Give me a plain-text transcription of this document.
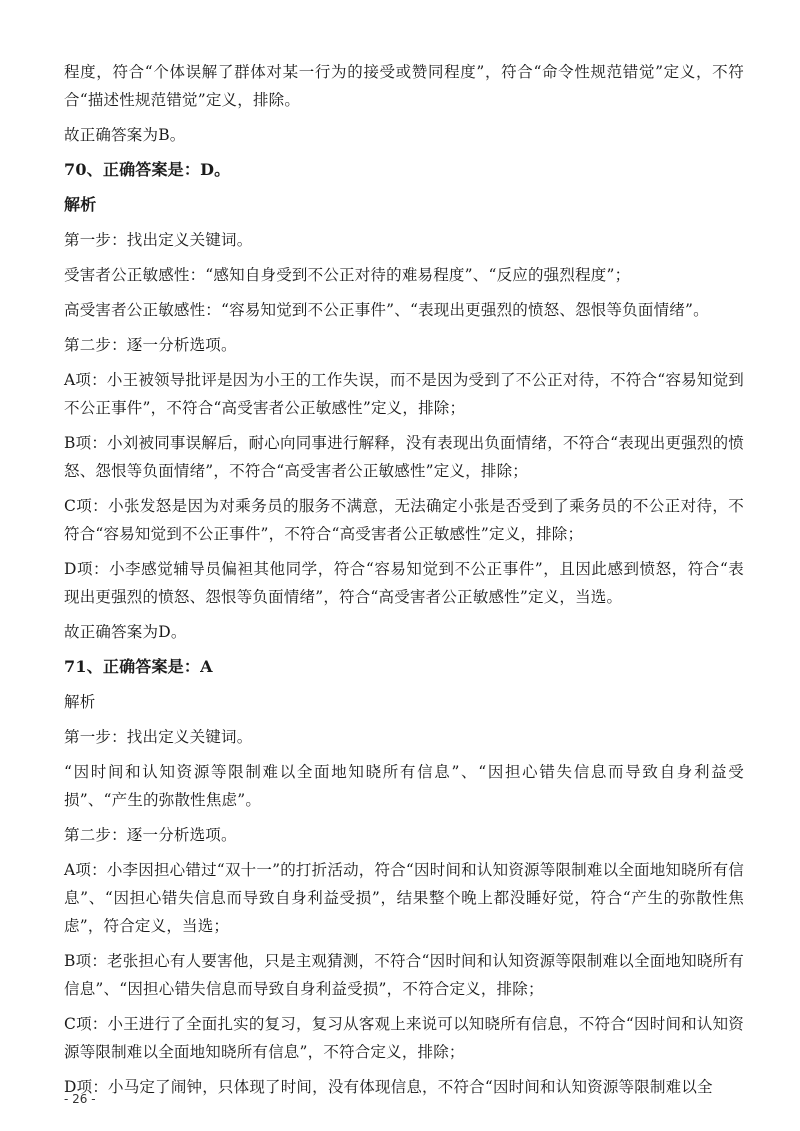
程度，符合“个体误解了群体对某一行为的接受或赞同程度”，符合“命令性规范错觉”定义，不符合“描述性规范错觉”定义，排除。

故正确答案为B。

70、正确答案是：D。

解析

第一步：找出定义关键词。

受害者公正敏感性：“感知自身受到不公正对待的难易程度”、“反应的强烈程度”；

高受害者公正敏感性：“容易知觉到不公正事件”、“表现出更强烈的愤怒、怨恨等负面情绪”。

第二步：逐一分析选项。

A项：小王被领导批评是因为小王的工作失误，而不是因为受到了不公正对待，不符合“容易知觉到不公正事件”，不符合“高受害者公正敏感性”定义，排除；

B项：小刘被同事误解后，耐心向同事进行解释，没有表现出负面情绪，不符合“表现出更强烈的愤怒、怨恨等负面情绪”，不符合“高受害者公正敏感性”定义，排除；

C项：小张发怒是因为对乘务员的服务不满意，无法确定小张是否受到了乘务员的不公正对待，不符合“容易知觉到不公正事件”，不符合“高受害者公正敏感性”定义，排除；

D项：小李感觉辅导员偏袒其他同学，符合“容易知觉到不公正事件”，且因此感到愤怒，符合“表现出更强烈的愤怒、怨恨等负面情绪”，符合“高受害者公正敏感性”定义，当选。

故正确答案为D。

71、正确答案是：A

解析

第一步：找出定义关键词。

“因时间和认知资源等限制难以全面地知晓所有信息”、“因担心错失信息而导致自身利益受损”、“产生的弥散性焦虑”。

第二步：逐一分析选项。

A项：小李因担心错过“双十一”的打折活动，符合“因时间和认知资源等限制难以全面地知晓所有信息”、“因担心错失信息而导致自身利益受损”，结果整个晚上都没睡好觉，符合“产生的弥散性焦虑”，符合定义，当选；

B项：老张担心有人要害他，只是主观猜测，不符合“因时间和认知资源等限制难以全面地知晓所有信息”、“因担心错失信息而导致自身利益受损”，不符合定义，排除；

C项：小王进行了全面扎实的复习，复习从客观上来说可以知晓所有信息，不符合“因时间和认知资源等限制难以全面地知晓所有信息”，不符合定义，排除；

D项：小马定了闹钟，只体现了时间，没有体现信息，不符合“因时间和认知资源等限制难以全

- 26 -
